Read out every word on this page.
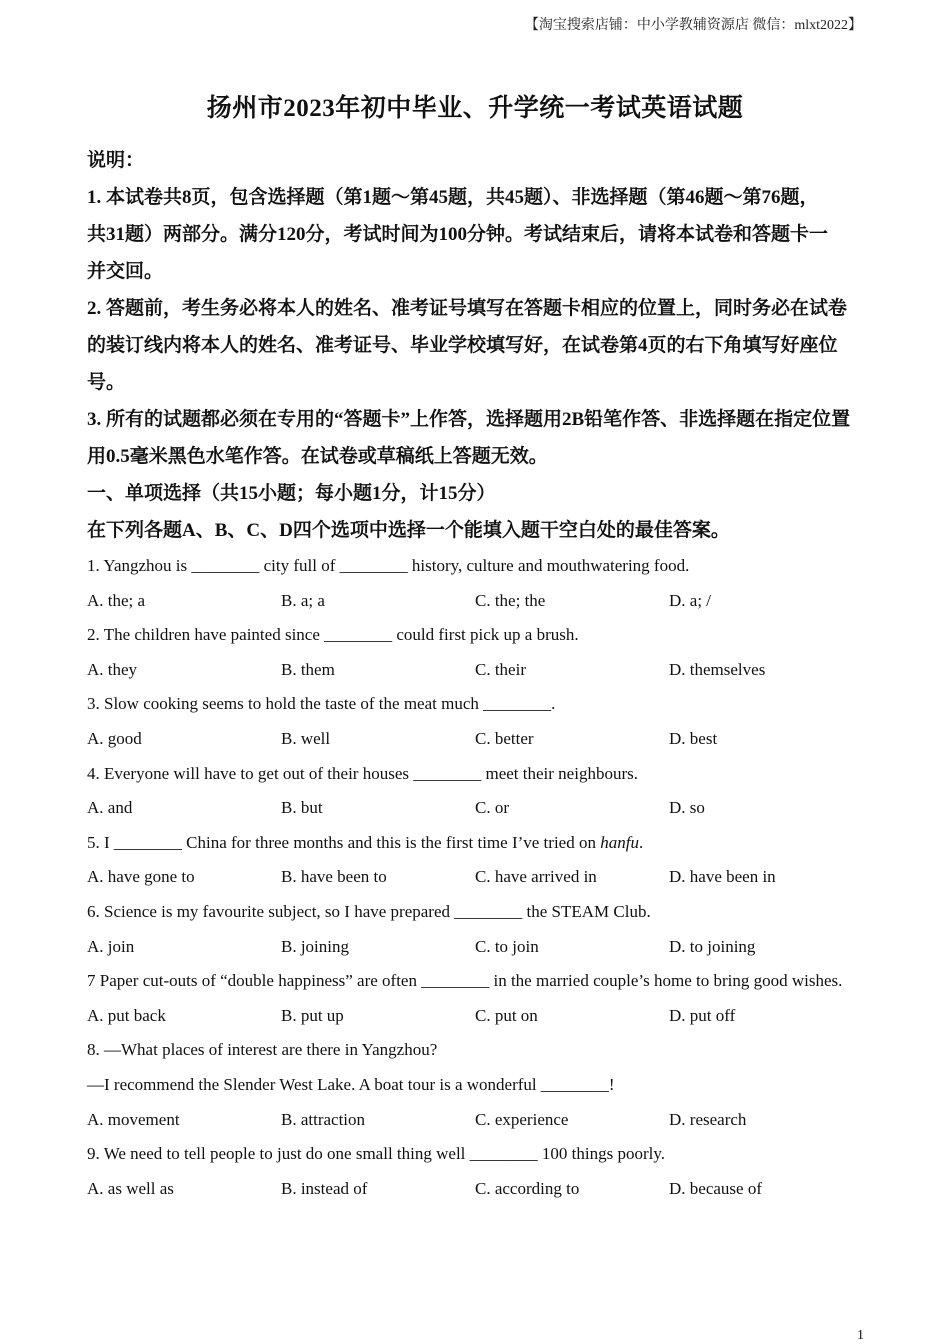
【淘宝搜索店铺：中小学教辅资源店 微信：mlxt2022】
扬州市2023年初中毕业、升学统一考试英语试题

说明：

1. 本试卷共8页，包含选择题（第1题～第45题，共45题）、非选择题（第46题～第76题，

共31题）两部分。满分120分，考试时间为100分钟。考试结束后，请将本试卷和答题卡一

并交回。

2. 答题前，考生务必将本人的姓名、准考证号填写在答题卡相应的位置上，同时务必在试卷

的装订线内将本人的姓名、准考证号、毕业学校填写好，在试卷第4页的右下角填写好座位

号。

3. 所有的试题都必须在专用的“答题卡”上作答，选择题用2B铅笔作答、非选择题在指定位置

用0.5毫米黑色水笔作答。在试卷或草稿纸上答题无效。

一、单项选择（共15小题；每小题1分，计15分）

在下列各题A、B、C、D四个选项中选择一个能填入题干空白处的最佳答案。

1. Yangzhou is ________ city full of ________ history, culture and mouthwatering food.

A. the; a	B. a; a	C. the; the	D. a; /

2. The children have painted since ________ could first pick up a brush.

A. they	B. them	C. their	D. themselves

3. Slow cooking seems to hold the taste of the meat much ________.

A. good	B. well	C. better	D. best

4. Everyone will have to get out of their houses ________ meet their neighbours.

A. and	B. but	C. or	D. so

5. I ________ China for three months and this is the first time I’ve tried on hanfu.

A. have gone to	B. have been to	C. have arrived in	D. have been in

6. Science is my favourite subject, so I have prepared ________ the STEAM Club.

A. join	B. joining	C. to join	D. to joining

7 Paper cut-outs of “double happiness” are often ________ in the married couple’s home to bring good wishes.

A. put back	B. put up	C. put on	D. put off

8. —What places of interest are there in Yangzhou?

—I recommend the Slender West Lake. A boat tour is a wonderful ________!

A. movement	B. attraction	C. experience	D. research

9. We need to tell people to just do one small thing well ________ 100 things poorly.

A. as well as	B. instead of	C. according to	D. because of
1
